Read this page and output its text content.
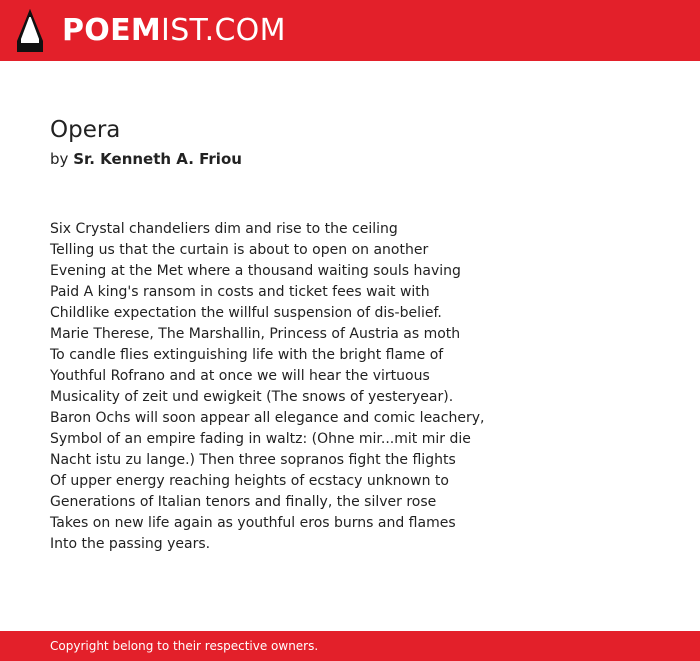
POEM IST.COM
Opera
by Sr. Kenneth A. Friou
Six Crystal chandeliers dim and rise to the ceiling
Telling us that the curtain is about to open on another
Evening at the Met where a thousand waiting souls having
Paid A king's ransom in costs and ticket fees wait with
Childlike expectation the willful suspension of dis-belief.
Marie Therese, The Marshallin, Princess of Austria as moth
To candle flies extinguishing life with the bright flame of
Youthful Rofrano and at once we will hear the virtuous
Musicality of zeit und ewigkeit (The snows of yesteryear).
Baron Ochs will soon appear all elegance and comic leachery,
Symbol of an empire fading in waltz: (Ohne mir...mit mir die
Nacht istu zu lange.) Then three sopranos fight the flights
Of upper energy reaching heights of ecstacy unknown to
Generations of Italian tenors and finally, the silver rose
Takes on new life again as youthful eros burns and flames
Into the passing years.
Copyright belong to their respective owners.
